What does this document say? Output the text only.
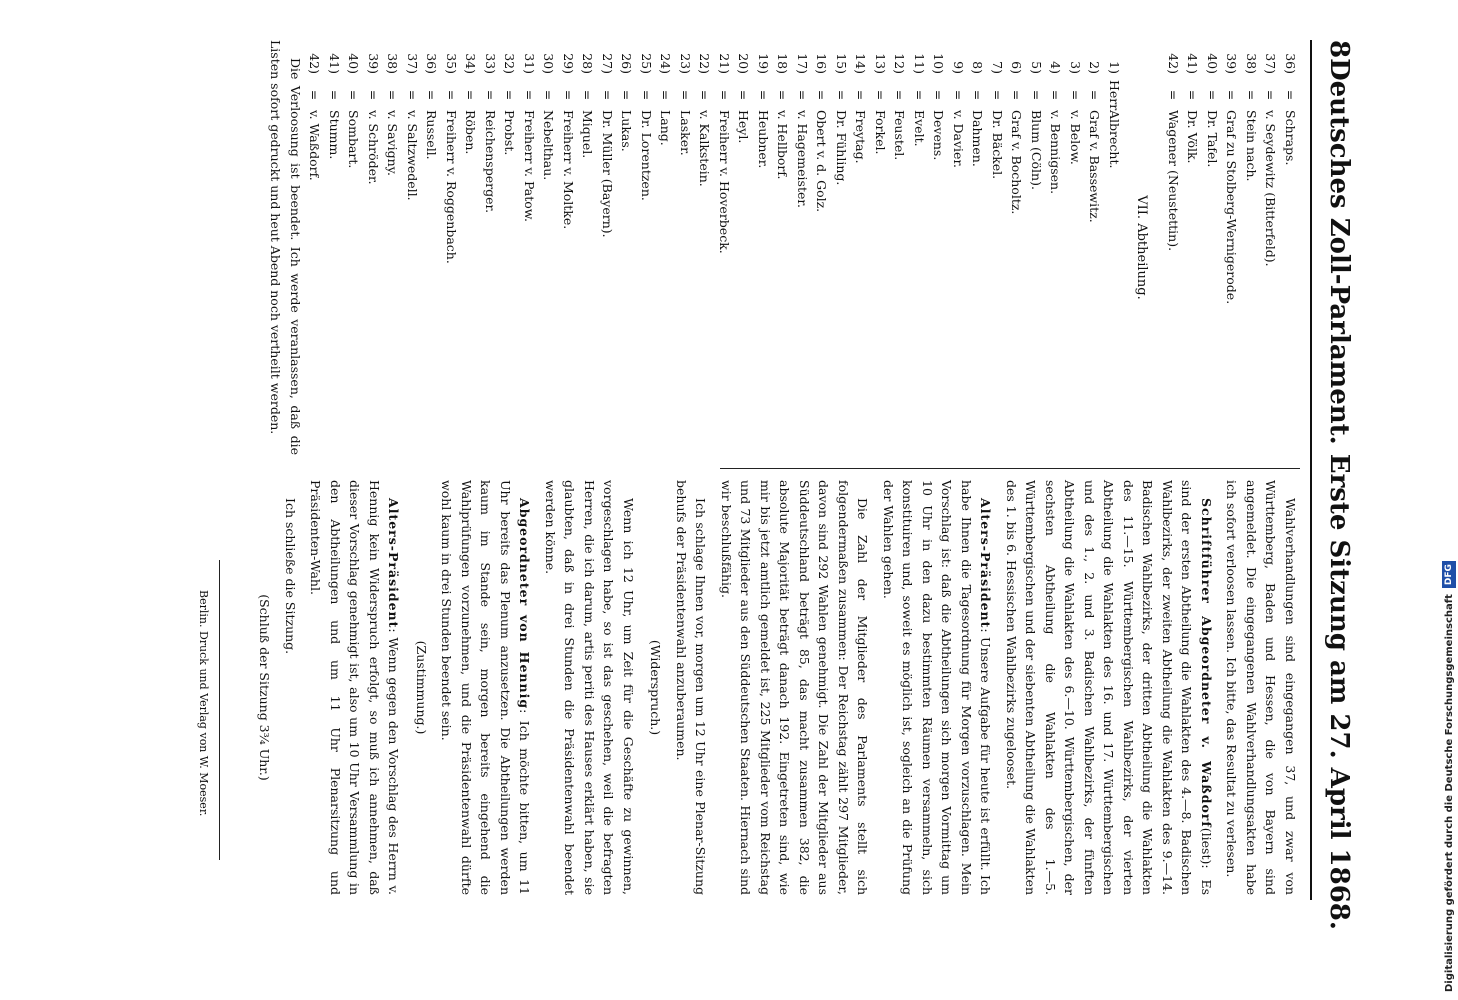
8
Deutsches Zoll-Parlament. Erste Sitzung am 27. April 1868.
36)
=
Schraps.
37)
=
v. Seydewitz (Bitterfeld).
38)
=
Stein nach.
39)
=
Graf zu Stolberg-Wernigerode.
40)
=
Dr. Tafel.
41)
=
Dr. Völk.
42)
=
Wagener (Neustettin).
VII. Abtheilung.
1)
Herr
Albrecht.
2)
=
Graf v. Bassewitz.
3)
=
v. Below.
4)
=
v. Bennigsen.
5)
=
Blum (Cöln).
6)
=
Graf v. Bocholtz.
7)
=
Dr. Bäckel.
8)
=
Dahmen.
9)
=
v. Davier.
10)
=
Devens.
11)
=
Evelt.
12)
=
Feustel.
13)
=
Forkel.
14)
=
Freytag.
15)
=
Dr. Fühling.
16)
=
Obert v. d. Golz.
17)
=
v. Hagemeister.
18)
=
v. Hellborf.
19)
=
Heubner.
20)
=
Heyl.
21)
=
Freiherr v. Hoverbeck.
22)
=
v. Kalkstein.
23)
=
Lasker.
24)
=
Lang.
25)
=
Dr. Lorentzen.
26)
=
Lukas.
27)
=
Dr. Müller (Bayern).
28)
=
Miquel.
29)
=
Freiherr v. Moltke.
30)
=
Nebelthau.
31)
=
Freiherr v. Patow.
32)
=
Probst.
33)
=
Reichensperger.
34)
=
Röben.
35)
=
Freiherr v. Roggenbach.
36)
=
Russell.
37)
=
v. Saltzwedell.
38)
=
v. Savigny.
39)
=
v. Schröder.
40)
=
Sombart.
41)
=
Stumm.
42)
=
v. Waßdorf.

Die Verloosung ist beendet. Ich werde veranlassen, daß die Listen sofort gedruckt und heut Abend noch vertheilt werden.

Wahlverhandlungen sind eingegangen 37, und zwar von Württemberg, Baden und Hessen, die von Bayern sind angemeldet. Die eingegangenen Wahlverhandlungsakten habe ich sofort verloosen lassen. Ich bitte, das Resultat zu verlesen.

Schriftführer Abgeordneter v. Waßdorf(liest): Es sind der ersten Abtheilung die Wahlakten des 4.—8. Badischen Wahlbezirks, der zweiten Abtheilung die Wahlakten des 9.—14. Badischen Wahlbezirks, der dritten Abtheilung die Wahlakten des 11.—15. Württembergischen Wahlbezirks, der vierten Abtheilung die Wahlakten des 16. und 17. Württembergischen und des 1., 2. und 3. Badischen Wahlbezirks, der fünften Abtheilung die Wahlakten des 6.—10. Württembergischen, der sechsten Abtheilung die Wahlakten des 1.—5. Württembergischen und der siebenten Abtheilung die Wahlakten des 1. bis 6. Hessischen Wahlbezirks zugelooset.

Alters-Präsident: Unsere Aufgabe für heute ist erfüllt. Ich habe Ihnen die Tagesordnung für Morgen vorzuschlagen. Mein Vorschlag ist: daß die Abtheilungen sich morgen Vormittag um 10 Uhr in den dazu bestimmten Räumen versammeln, sich konstituiren und, soweit es möglich ist, sogleich an die Prüfung der Wahlen gehen.

Die Zahl der Mitglieder des Parlaments stellt sich folgendermaßen zusammen: Der Reichstag zählt 297 Mitglieder, davon sind 292 Wahlen genehmigt. Die Zahl der Mitglieder aus Süddeutschland beträgt 85, das macht zusammen 382, die absolute Majorität beträgt danach 192. Eingetreten sind, wie mir bis jetzt amtlich gemeldet ist, 225 Mitglieder vom Reichstag und 73 Mitglieder aus den Süddeutschen Staaten. Hiernach sind wir beschlußfähig.

Ich schlage Ihnen vor, morgen um 12 Uhr eine Plenar-Sitzung behufs der Präsidentenwahl anzuberaumen.

(Widerspruch.)

Wenn ich 12 Uhr, um Zeit für die Geschäfte zu gewinnen, vorgeschlagen habe, so ist das geschehen, weil die befragten Herren, die ich darum, artis periti des Hauses erklärt haben, sie glaubten, daß in drei Stunden die Präsidentenwahl beendet werden könne.

Abgeordneter von Hennig: Ich möchte bitten, um 11 Uhr bereits das Plenum anzusetzen. Die Abtheilungen werden kaum im Stande sein, morgen bereits eingehend die Wahlprüfungen vorzunehmen, und die Präsidentenwahl dürfte wohl kaum in drei Stunden beendet sein.

(Zustimmung.)

Alters-Präsident: Wenn gegen den Vorschlag des Herrn v. Hennig kein Widerspruch erfolgt, so muß ich annehmen, daß dieser Vorschlag genehmigt ist, also um 10 Uhr Versammlung in den Abtheilungen und um 11 Uhr Plenarsitzung und Präsidenten-Wahl.

Ich schließe die Sitzung.

(Schluß der Sitzung 3¾ Uhr.)
Berlin. Druck und Verlag von W. Moeser.	Digitalisierung gefördert durch die Deutsche Forschungsgemeinschaft
DFG
